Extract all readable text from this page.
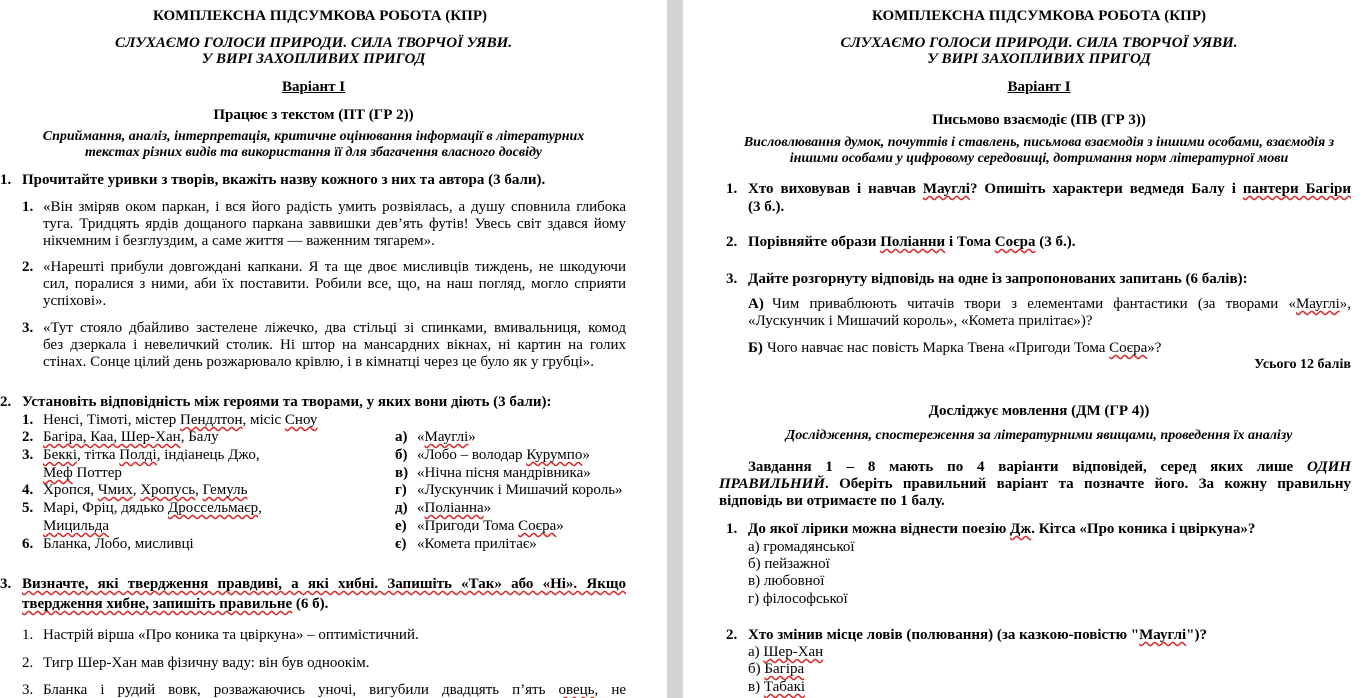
КОМПЛЕКСНА ПІДСУМКОВА РОБОТА (КПР)
СЛУХАЄМО ГОЛОСИ ПРИРОДИ. СИЛА ТВОРЧОЇ УЯВИ.
У ВИРІ ЗАХОПЛИВИХ ПРИГОД
Варіант І
Працює з текстом (ПТ (ГР 2))
Сприймання, аналіз, інтерпретація, критичне оцінювання інформації в літературних
текстах різних видів та використання її для збагачення власного досвіду
1. Прочитайте уривки з творів, вкажіть назву кожного з них та автора (3 бали).
1. «Він зміряв оком паркан, і вся його радість умить розвіялась, а душу сповнила глибока
туга. Тридцять ярдів дощаного паркана заввишки дев’ять футів! Увесь світ здався йому
нікчемним і безглуздим, а саме життя — важенним тягарем».
2. «Нарешті прибули довгождані капкани. Я та ще двоє мисливців тиждень, не шкодуючи
сил, поралися з ними, аби їх поставити. Робили все, що, на наш погляд, могло сприяти
успіхові».
3. «Тут стояло дбайливо застелене ліжечко, два стільці зі спинками, вмивальниця, комод
без дзеркала і невеличкий столик. Ні штор на мансардних вікнах, ні картин на голих
стінах. Сонце цілий день розжарювало крівлю, і в кімнатці через це було як у грубці».
2. Установіть відповідність між героями та творами, у яких вони діють (3 бали):
1. Ненсі, Тімоті, містер Пендлтон, місіс Сноу
2. Багіра, Каа, Шер-Хан, Балу
3. Беккі, тітка Полді, індіанець Джо,
Меф Поттер
4. Хропся, Чмих, Хропусь, Гемуль
5. Марі, Фріц, дядько Дроссельмаєр,
Мицильда
6. Бланка, Лобо, мисливці
а) «Мауглі»
б) «Лобо – володар Курумпо»
в) «Нічна пісня мандрівника»
г) «Лускунчик і Мишачий король»
д) «Поліанна»
е) «Пригоди Тома Соєра»
є) «Комета прилітає»
3. Визначте, які твердження правдиві, а які хибні. Запишіть «Так» або «Ні». Якщо
твердження хибне, запишіть правильне (6 б).
1. Настрій вірша «Про коника та цвіркуна» – оптимістичний.
2. Тигр Шер-Хан мав фізичну ваду: він був одноокім.
3. Бланка і рудий вовк, розважаючись уночі, вигубили двадцять п’ять овець, не
КОМПЛЕКСНА ПІДСУМКОВА РОБОТА (КПР)
СЛУХАЄМО ГОЛОСИ ПРИРОДИ. СИЛА ТВОРЧОЇ УЯВИ.
У ВИРІ ЗАХОПЛИВИХ ПРИГОД
Варіант І
Письмово взаємодіє (ПВ (ГР 3))
Висловлювання думок, почуттів і ставлень, письмова взаємодія з іншими особами, взаємодія з
іншими особами у цифровому середовищі, дотримання норм літературної мови
1. Хто виховував і навчав Мауглі? Опишіть характери ведмедя Балу і пантери Багіри
(3 б.).
2. Порівняйте образи Поліанни і Тома Соєра (3 б.).
3. Дайте розгорнуту відповідь на одне із запропонованих запитань (6 балів):
А) Чим приваблюють читачів твори з елементами фантастики (за творами «Мауглі»,
«Лускунчик і Мишачий король», «Комета прилітає»)?
Б) Чого навчає нас повість Марка Твена «Пригоди Тома Соєра»?
Усього 12 балів
Досліджує мовлення (ДМ (ГР 4))
Дослідження, спостереження за літературними явищами, проведення їх аналізу
Завдання 1 – 8 мають по 4 варіанти відповідей, серед яких лише ОДИН
ПРАВИЛЬНИЙ. Оберіть правильний варіант та позначте його. За кожну правильну
відповідь ви отримаєте по 1 балу.
1. До якої лірики можна віднести поезію Дж. Кітса «Про коника і цвіркуна»?
а) громадянської
б) пейзажної
в) любовної
г) філософської
2. Хто змінив місце ловів (полювання) (за казкою-повістю "Мауглі")?
а) Шер-Хан
б) Багіра
в) Табакі
